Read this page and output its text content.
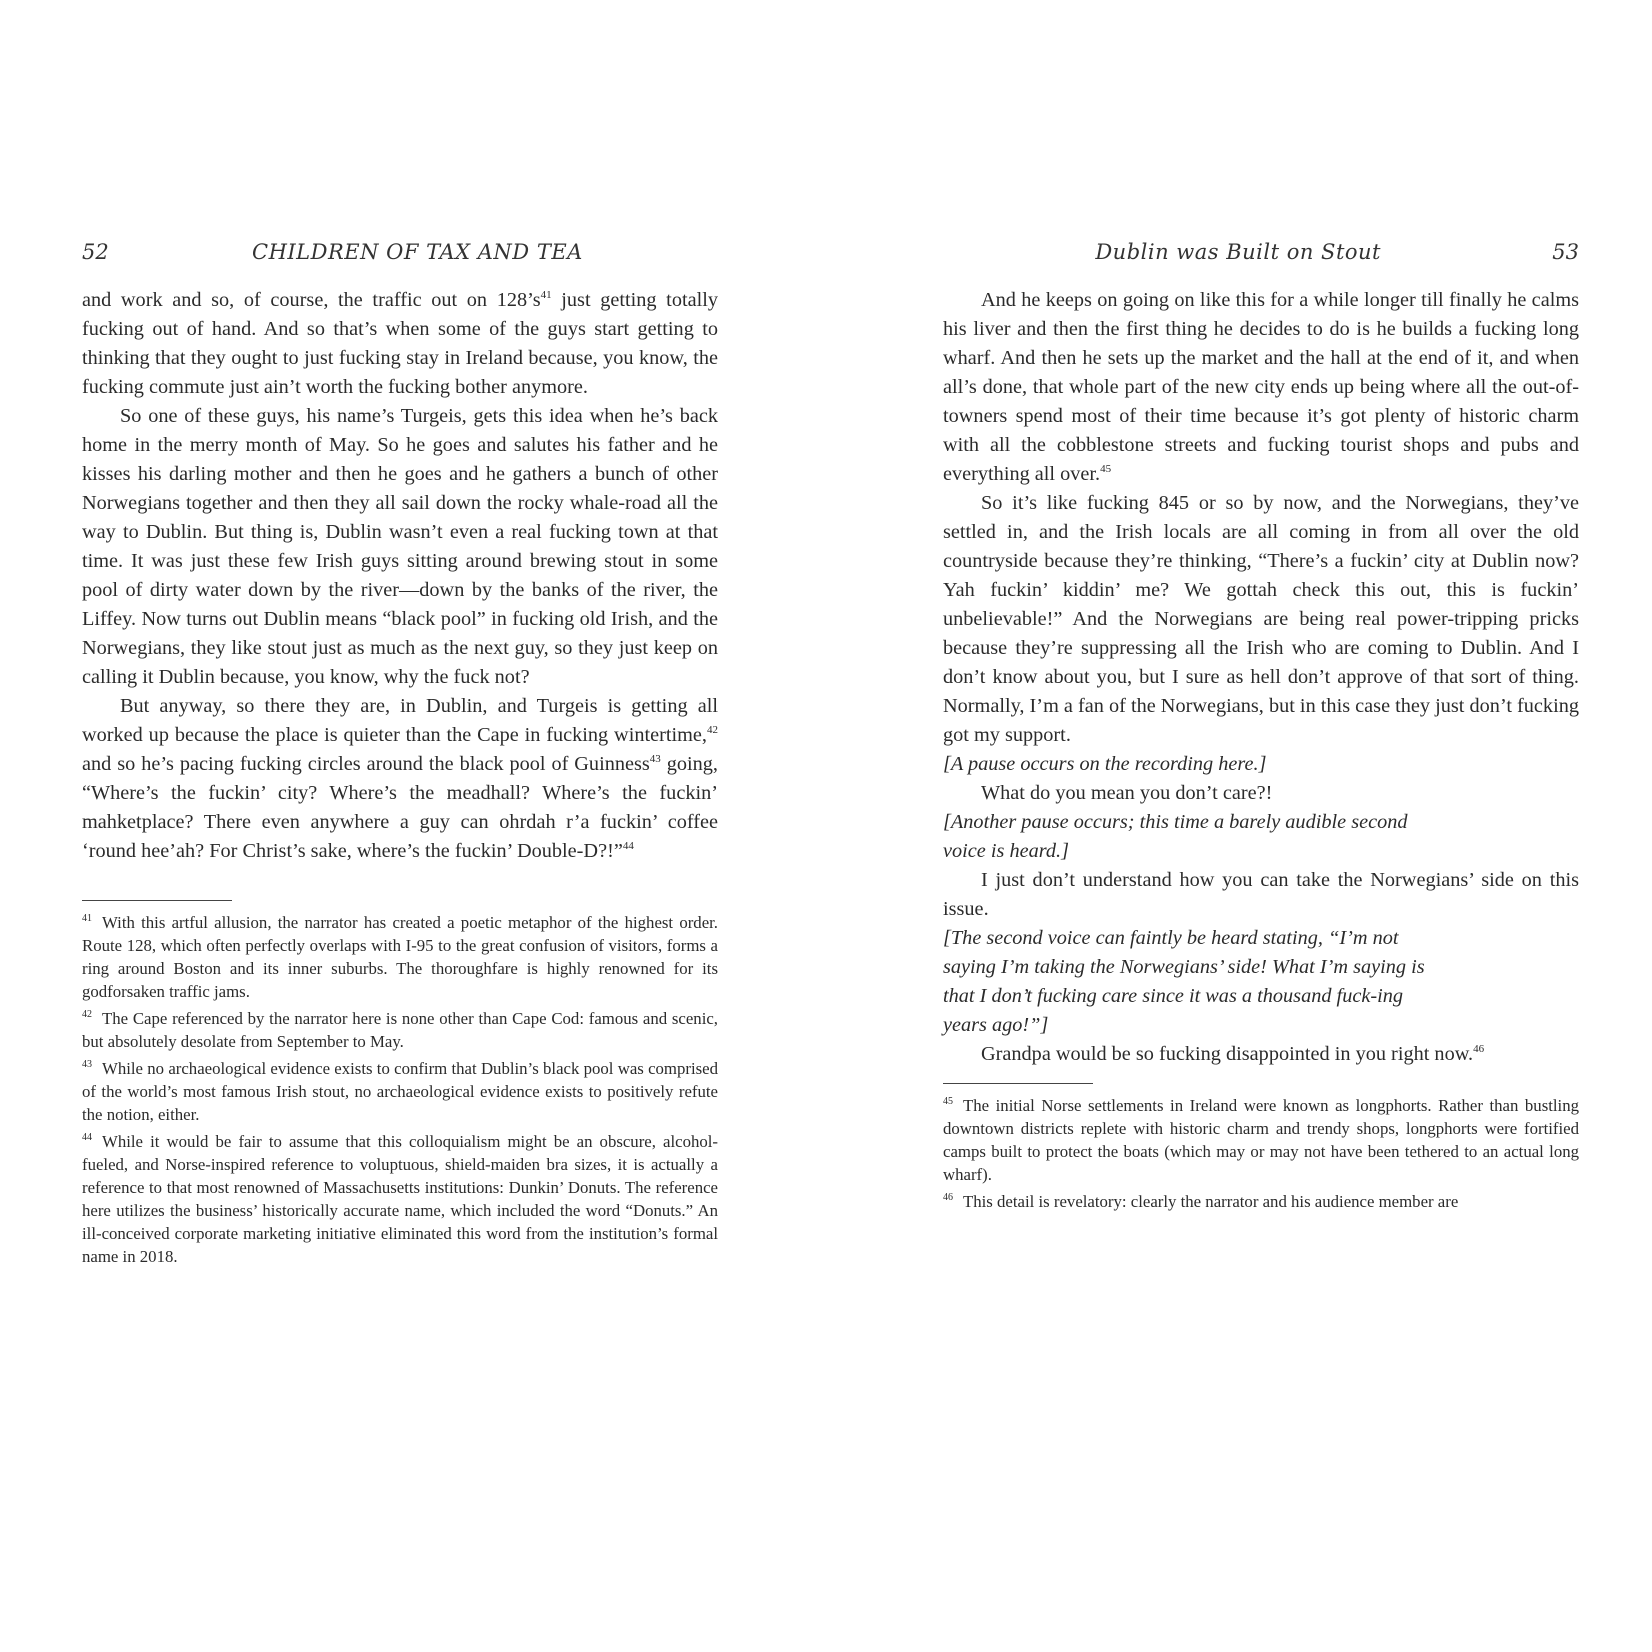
52	CHILDREN OF TAX AND TEA

and work and so, of course, the traffic out on $128’s^{41}$ just getting totally fucking out of hand. And so that’s when some of the guys start getting to thinking that they ought to just fucking stay in Ireland because, you know, the fucking commute just ain’t worth the fucking bother anymore.

So one of these guys, his name’s Turgeis, gets this idea when he’s back home in the merry month of May. So he goes and salutes his father and he kisses his darling mother and then he goes and he gathers a bunch of other Norwegians together and then they all sail down the rocky whale-road all the way to Dublin. But thing is, Dublin wasn’t even a real fucking town at that time. It was just these few Irish guys sitting around brewing stout in some pool of dirty water down by the river—down by the banks of the river, the Liffey. Now turns out Dublin means “black pool” in fucking old Irish, and the Norwegians, they like stout just as much as the next guy, so they just keep on calling it Dublin because, you know, why the fuck not?

But anyway, so there they are, in Dublin, and Turgeis is getting all worked up because the place is quieter than the Cape in fucking wintertime,$^{42}$ and so he’s pacing fucking circles around the black pool of Guinness$^{43}$ going, “Where’s the fuckin’ city? Where’s the meadhall? Where’s the fuckin’ mahketplace? There even anywhere a guy can ohrdah r’a fuckin’ coffee ‘round hee’ah? For Christ’s sake, where’s the fuckin’ Double-D?!”$^{44}$

$^{41}$ With this artful allusion, the narrator has created a poetic metaphor of the highest order. Route 128, which often perfectly overlaps with I-95 to the great confusion of visitors, forms a ring around Boston and its inner suburbs. The thoroughfare is highly renowned for its godforsaken traffic jams.

$^{42}$ The Cape referenced by the narrator here is none other than Cape Cod: famous and scenic, but absolutely desolate from September to May.

$^{43}$ While no archaeological evidence exists to confirm that Dublin’s black pool was comprised of the world’s most famous Irish stout, no archaeological evidence exists to positively refute the notion, either.

$^{44}$ While it would be fair to assume that this colloquialism might be an obscure, alcohol-fueled, and Norse-inspired reference to voluptuous, shield-maiden bra sizes, it is actually a reference to that most renowned of Massachusetts institutions: Dunkin’ Donuts. The reference here utilizes the business’ historically accurate name, which included the word “Donuts.” An ill-conceived corporate marketing initiative eliminated this word from the institution’s formal name in 2018.

Dublin was Built on Stout	53

And he keeps on going on like this for a while longer till finally he calms his liver and then the first thing he decides to do is he builds a fucking long wharf. And then he sets up the market and the hall at the end of it, and when all’s done, that whole part of the new city ends up being where all the out-of-towners spend most of their time because it’s got plenty of historic charm with all the cobblestone streets and fucking tourist shops and pubs and everything all over.$^{45}$

So it’s like fucking 845 or so by now, and the Norwegians, they’ve settled in, and the Irish locals are all coming in from all over the old countryside because they’re thinking, “There’s a fuckin’ city at Dublin now? Yah fuckin’ kiddin’ me? We gottah check this out, this is fuckin’ unbelievable!” And the Norwegians are being real power-tripping pricks because they’re suppressing all the Irish who are coming to Dublin. And I don’t know about you, but I sure as hell don’t approve of that sort of thing. Normally, I’m a fan of the Norwegians, but in this case they just don’t fucking got my support.

[A pause occurs on the recording here.]

What do you mean you don’t care?!

[Another pause occurs; this time a barely audible second voice is heard.]

I just don’t understand how you can take the Norwegians’ side on this issue.

[The second voice can faintly be heard stating, “I’m not saying I’m taking the Norwegians’ side! What I’m saying is that I don’t fucking care since it was a thousand fuck-ing years ago!”]

Grandpa would be so fucking disappointed in you right now.$^{46}$

$^{45}$ The initial Norse settlements in Ireland were known as longphorts. Rather than bustling downtown districts replete with historic charm and trendy shops, longphorts were fortified camps built to protect the boats (which may or may not have been tethered to an actual long wharf).

$^{46}$ This detail is revelatory: clearly the narrator and his audience member are
